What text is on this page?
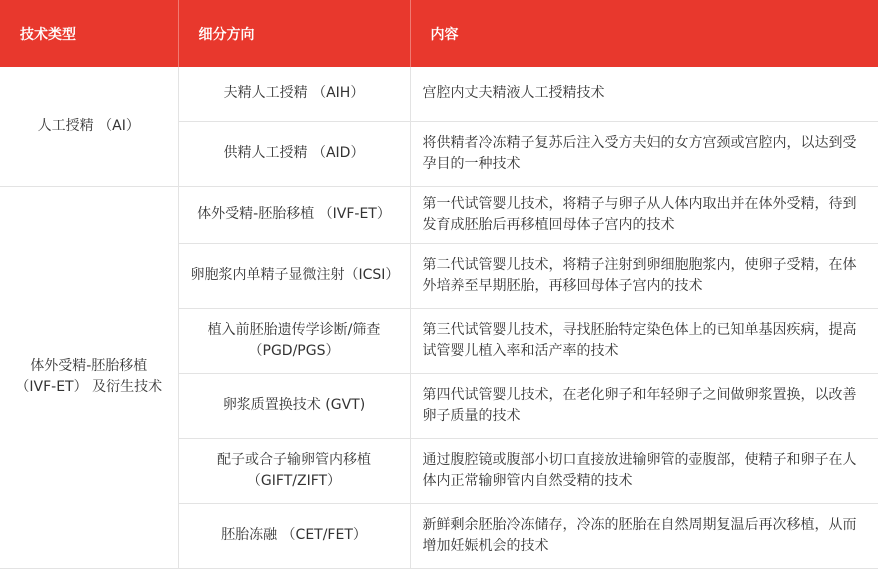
技术类型	细分方向	内容
人工授精 （AI）	夫精人工授精 （AIH）	宫腔内丈夫精液人工授精技术
	供精人工授精 （AID）	将供精者冷冻精子复苏后注入受方夫妇的女方宫颈或宫腔内，以达到受孕目的一种技术
体外受精-胚胎移植（IVF-ET） 及衍生技术	体外受精-胚胎移植 （IVF-ET）	第一代试管婴儿技术，将精子与卵子从人体内取出并在体外受精，待到发育成胚胎后再移植回母体子宫内的技术
	卵胞浆内单精子显微注射（ICSI）	第二代试管婴儿技术，将精子注射到卵细胞胞浆内，使卵子受精，在体外培养至早期胚胎，再移回母体子宫内的技术
	植入前胚胎遗传学诊断/筛查（PGD/PGS）	第三代试管婴儿技术，寻找胚胎特定染色体上的已知单基因疾病，提高试管婴儿植入率和活产率的技术
	卵浆质置换技术 (GVT)	第四代试管婴儿技术，在老化卵子和年轻卵子之间做卵浆置换，以改善卵子质量的技术
	配子或合子输卵管内移植（GIFT/ZIFT）	通过腹腔镜或腹部小切口直接放进输卵管的壶腹部，使精子和卵子在人体内正常输卵管内自然受精的技术
	胚胎冻融 （CET/FET）	新鲜剩余胚胎冷冻储存，冷冻的胚胎在自然周期复温后再次移植，从而增加妊娠机会的技术
